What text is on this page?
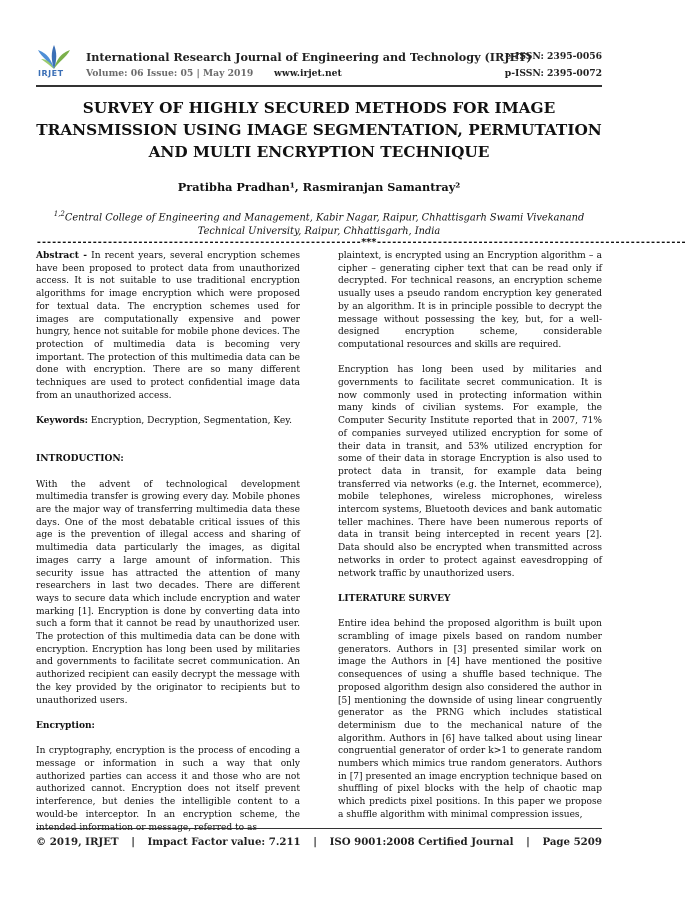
IRJET
International Research Journal of Engineering and Technology (IRJET)
Volume: 06 Issue: 05 | May 2019 www.irjet.net
e-ISSN: 2395-0056
p-ISSN: 2395-0072
SURVEY OF HIGHLY SECURED METHODS FOR IMAGE TRANSMISSION USING IMAGE SEGMENTATION, PERMUTATION AND MULTI ENCRYPTION TECHNIQUE
Pratibha Pradhan¹, Rasmiranjan Samantray²
$^{1,2}$Central College of Engineering and Management, Kabir Nagar, Raipur, Chhattisgarh Swami Vivekanand Technical University, Raipur, Chhattisgarh, India
----------------------------------------------------------------***-------------------------------------------------------------

Abstract - In recent years, several encryption schemes have been proposed to protect data from unauthorized access. It is not suitable to use traditional encryption algorithms for image encryption which were proposed for textual data. The encryption schemes used for images are computationally expensive and power hungry, hence not suitable for mobile phone devices. The protection of multimedia data is becoming very important. The protection of this multimedia data can be done with encryption. There are so many different techniques are used to protect confidential image data from an unauthorized access.

Keywords: Encryption, Decryption, Segmentation, Key.

INTRODUCTION:

With the advent of technological development multimedia transfer is growing every day. Mobile phones are the major way of transferring multimedia data these days. One of the most debatable critical issues of this age is the prevention of illegal access and sharing of multimedia data particularly the images, as digital images carry a large amount of information. This security issue has attracted the attention of many researchers in last two decades. There are different ways to secure data which include encryption and water marking [1]. Encryption is done by converting data into such a form that it cannot be read by unauthorized user. The protection of this multimedia data can be done with encryption. Encryption has long been used by militaries and governments to facilitate secret communication. An authorized recipient can easily decrypt the message with the key provided by the originator to recipients but to unauthorized users.

Encryption:

In cryptography, encryption is the process of encoding a message or information in such a way that only authorized parties can access it and those who are not authorized cannot. Encryption does not itself prevent interference, but denies the intelligible content to a would-be interceptor. In an encryption scheme, the

plaintext, is encrypted using an Encryption algorithm – a cipher – generating cipher text that can be read only if decrypted. For technical reasons, an encryption scheme usually uses a pseudo random encryption key generated by an algorithm. It is in principle possible to decrypt the message without possessing the key, but, for a well-designed encryption scheme, considerable computational resources and skills are required.

Encryption has long been used by militaries and governments to facilitate secret communication. It is now commonly used in protecting information within many kinds of civilian systems. For example, the Computer Security Institute reported that in 2007, 71% of companies surveyed utilized encryption for some of their data in transit, and 53% utilized encryption for some of their data in storage Encryption is also used to protect data in transit, for example data being transferred via networks (e.g. the Internet, ecommerce), mobile telephones, wireless microphones, wireless intercom systems, Bluetooth devices and bank automatic teller machines. There have been numerous reports of data in transit being intercepted in recent years [2]. Data should also be encrypted when transmitted across networks in order to protect against eavesdropping of network traffic by unauthorized users.

LITERATURE SURVEY

Entire idea behind the proposed algorithm is built upon scrambling of image pixels based on random number generators. Authors in [3] presented similar work on image the Authors in [4] have mentioned the positive consequences of using a shuffle based technique. The proposed algorithm design also considered the author in [5] mentioning the downside of using linear congruently generator as the PRNG which includes statistical determinism due to the mechanical nature of the algorithm. Authors in [6] have talked about using linear congruential generator of order k>1 to generate random numbers which mimics true random generators. Authors in [7] presented an image encryption technique based on shuffling of pixel blocks with the help of chaotic map which predicts pixel positions. In this paper we propose a shuffle algorithm with minimal compression issues,

© 2019, IRJET | Impact Factor value: 7.211 | ISO 9001:2008 Certified Journal | Page 5209
